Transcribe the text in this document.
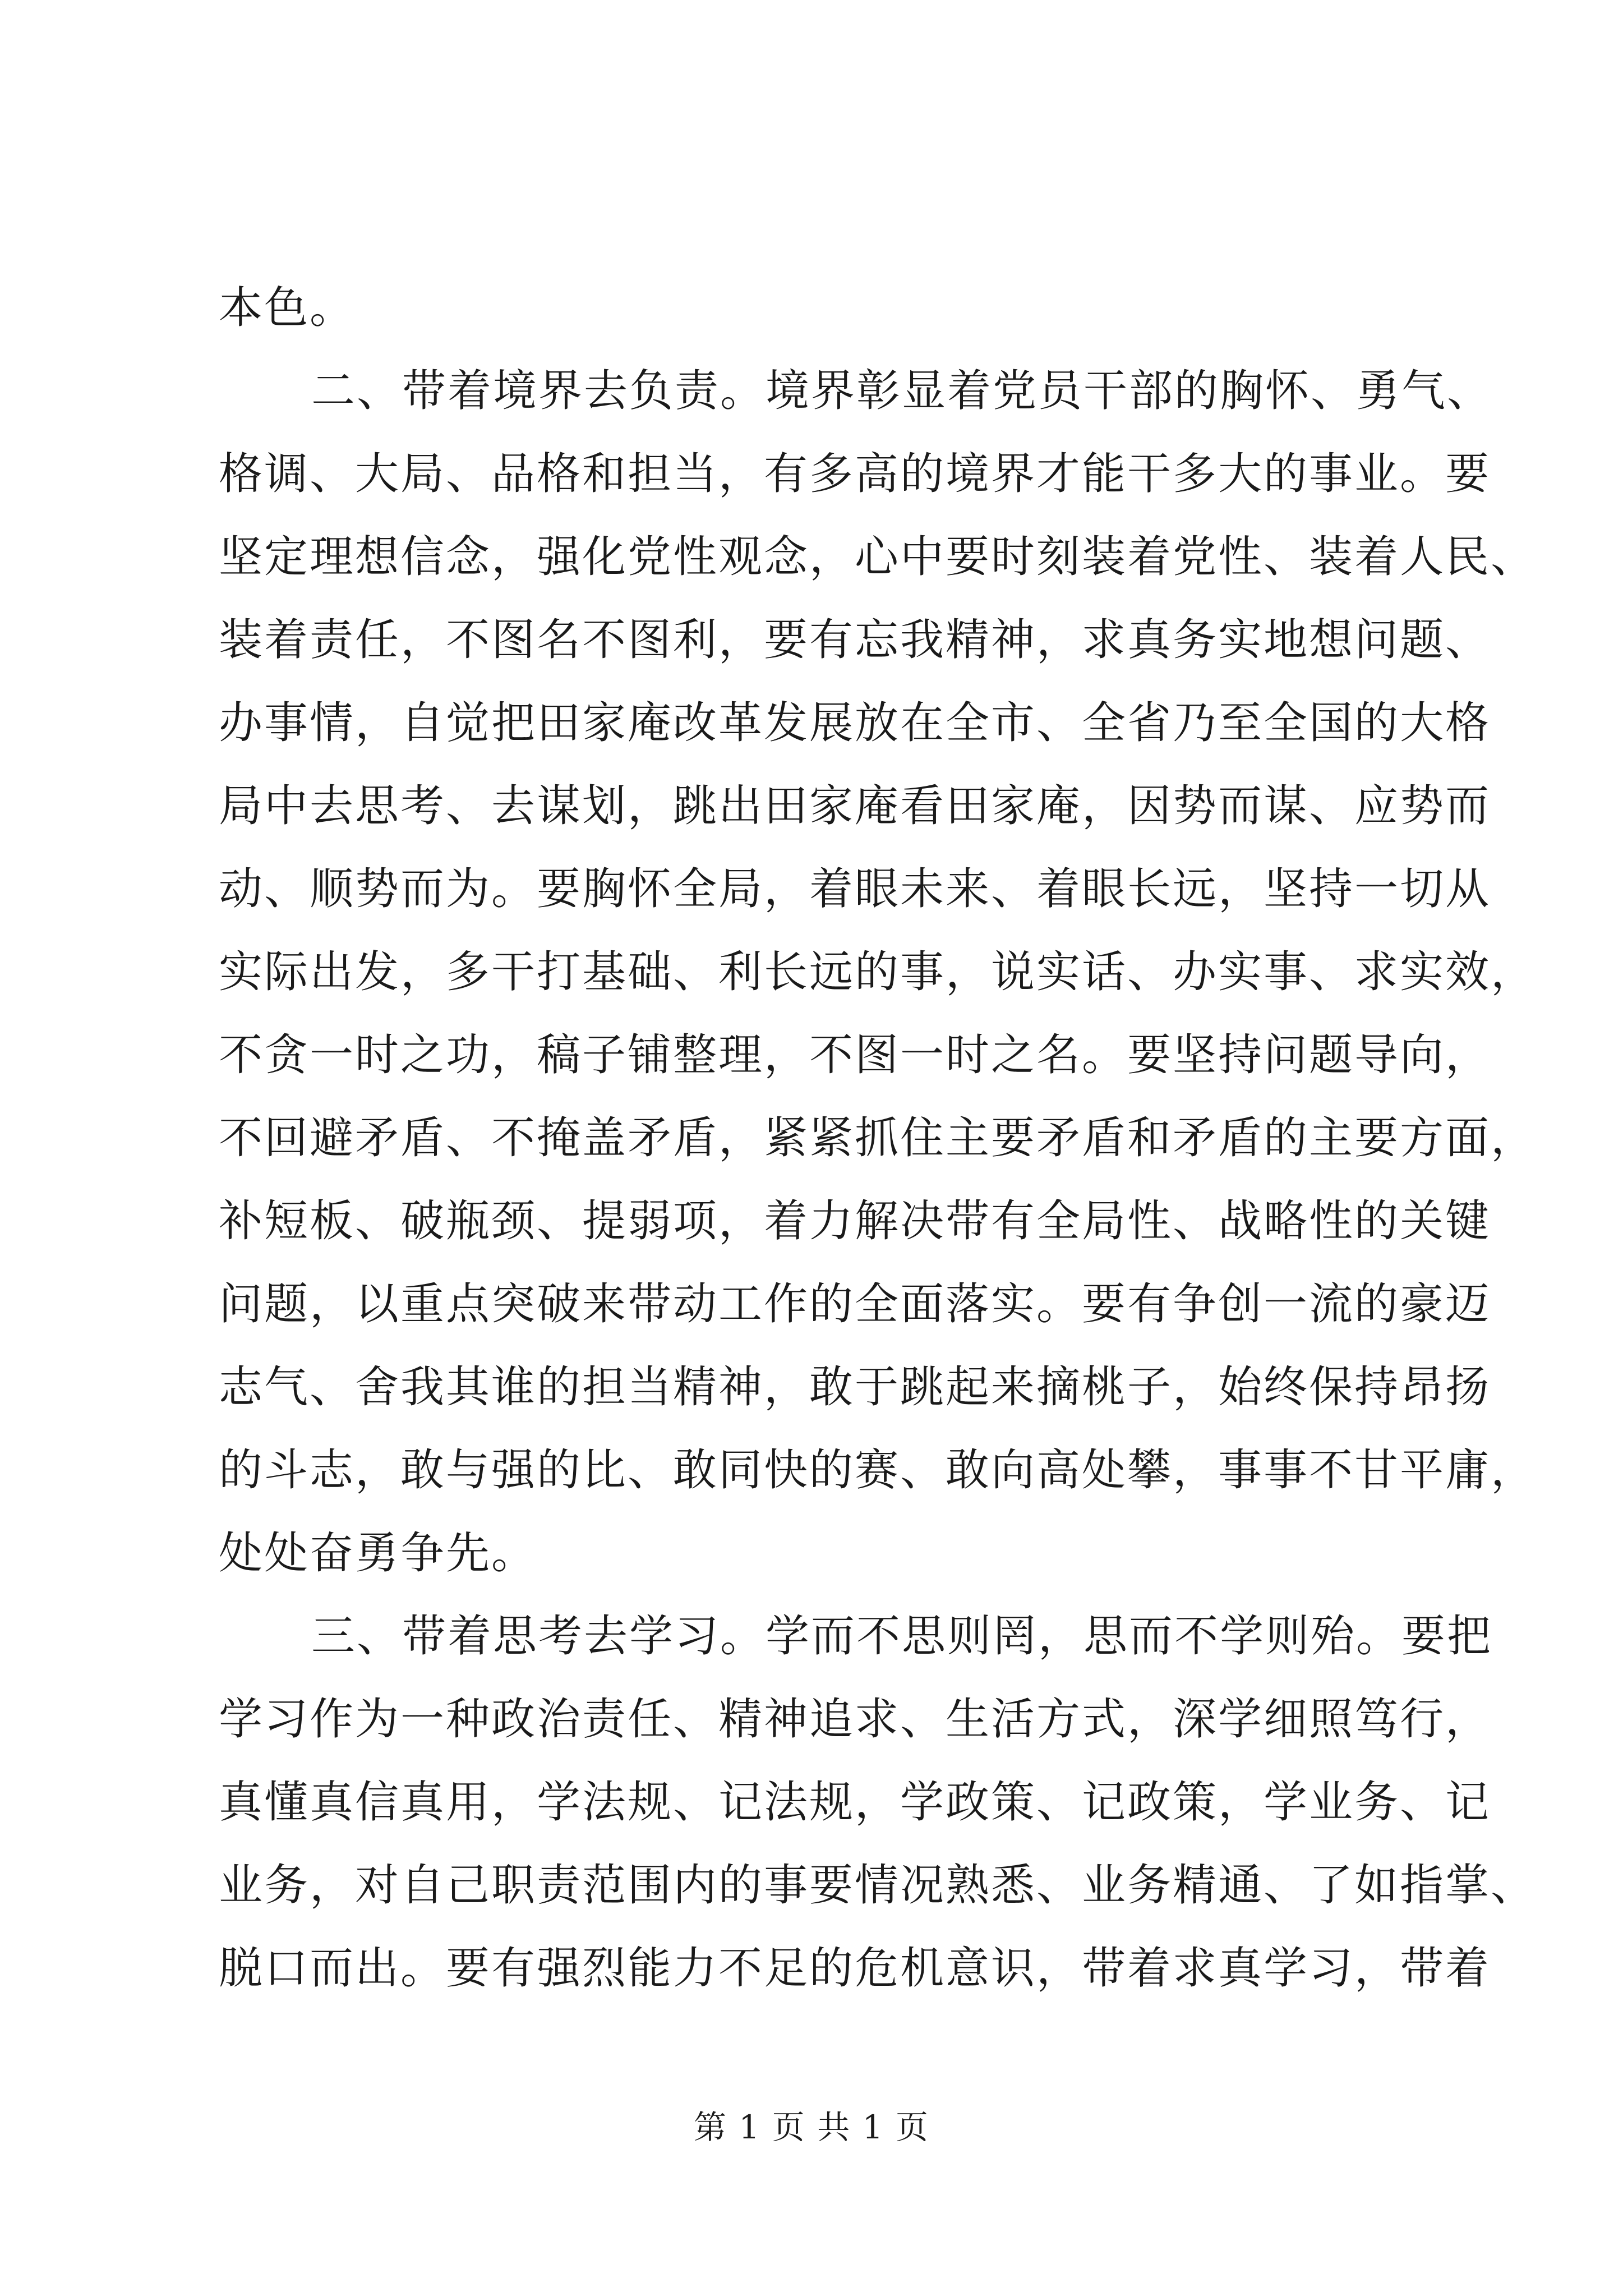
本色。
二、带着境界去负责。境界彰显着党员干部的胸怀、勇气、
格调、大局、品格和担当，有多高的境界才能干多大的事业。要
坚定理想信念，强化党性观念，心中要时刻装着党性、装着人民、
装着责任，不图名不图利，要有忘我精神，求真务实地想问题、
办事情，自觉把田家庵改革发展放在全市、全省乃至全国的大格
局中去思考、去谋划，跳出田家庵看田家庵，因势而谋、应势而
动、顺势而为。要胸怀全局，着眼未来、着眼长远，坚持一切从
实际出发，多干打基础、利长远的事，说实话、办实事、求实效，
不贪一时之功，稿子铺整理，不图一时之名。要坚持问题导向，
不回避矛盾、不掩盖矛盾，紧紧抓住主要矛盾和矛盾的主要方面，
补短板、破瓶颈、提弱项，着力解决带有全局性、战略性的关键
问题，以重点突破来带动工作的全面落实。要有争创一流的豪迈
志气、舍我其谁的担当精神，敢于跳起来摘桃子，始终保持昂扬
的斗志，敢与强的比、敢同快的赛、敢向高处攀，事事不甘平庸，
处处奋勇争先。
三、带着思考去学习。学而不思则罔，思而不学则殆。要把
学习作为一种政治责任、精神追求、生活方式，深学细照笃行，
真懂真信真用，学法规、记法规，学政策、记政策，学业务、记
业务，对自己职责范围内的事要情况熟悉、业务精通、了如指掌、
脱口而出。要有强烈能力不足的危机意识，带着求真学习，带着
第 1 页 共 1 页
